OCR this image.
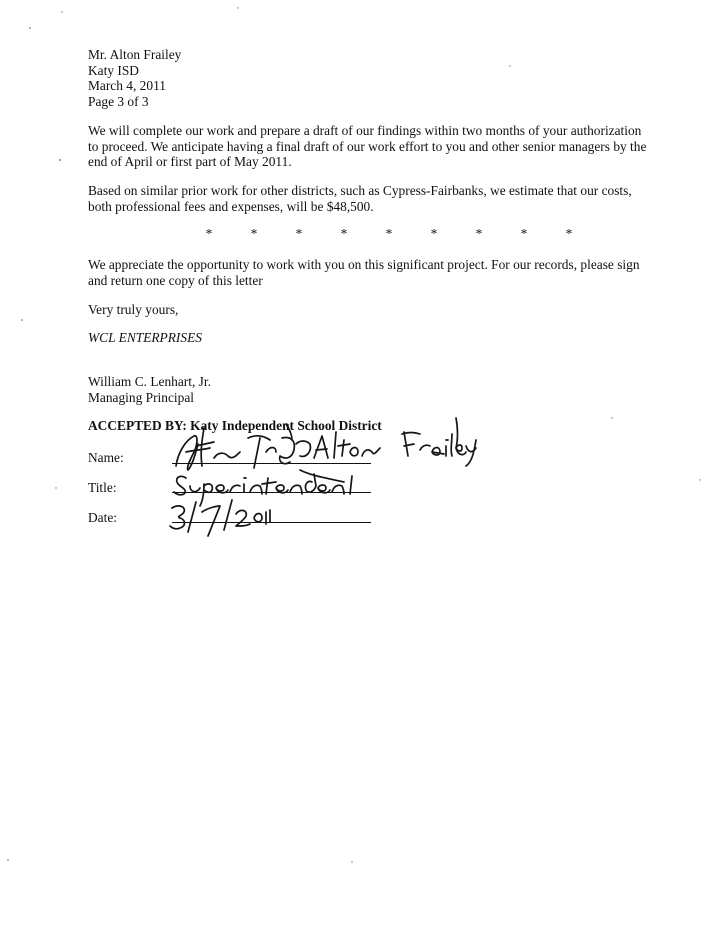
Mr. Alton Frailey
Katy ISD
March 4, 2011
Page 3 of 3

We will complete our work and prepare a draft of our findings within two months of your authorization to proceed. We anticipate having a final draft of our work effort to you and other senior managers by the end of April or first part of May 2011.

Based on similar prior work for other districts, such as Cypress-Fairbanks, we estimate that our costs, both professional fees and expenses, will be $48,500.

*	*	*	*	*	*	*	*	*

We appreciate the opportunity to work with you on this significant project. For our records, please sign and return one copy of this letter

Very truly yours,
WCL ENTERPRISES
William C. Lenhart, Jr.
Managing Principal
ACCEPTED BY: Katy Independent School District
Name:
Title:
Date:
